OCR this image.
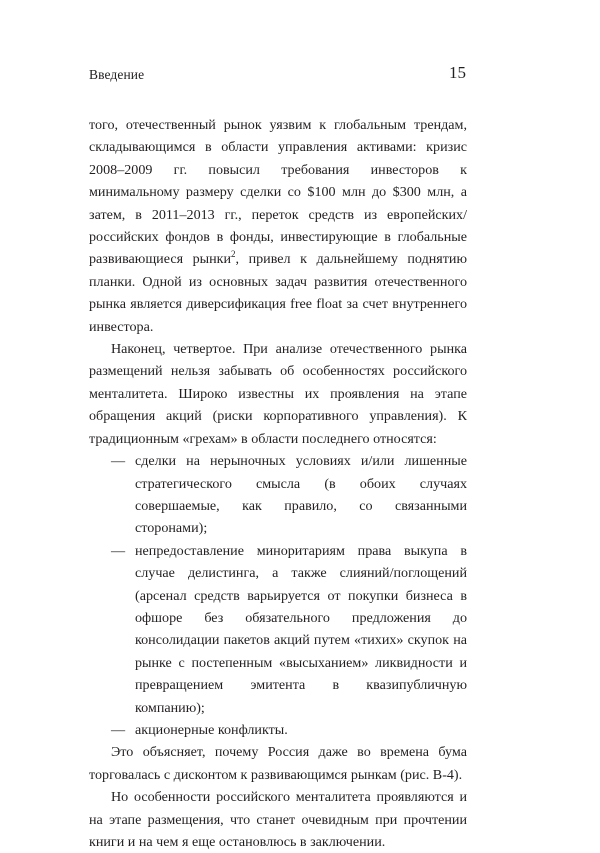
Введение	15

того, отечественный рынок уязвим к глобальным трендам, складывающимся в области управления активами: кризис 2008–2009 гг. повысил требования инвесторов к минимальному размеру сделки со $100 млн до $300 млн, а затем, в 2011–2013 гг., переток средств из европейских/российских фондов в фонды, инвестирующие в глобальные развивающиеся рынки$^2$, привел к дальнейшему поднятию планки. Одной из основных задач развития отечественного рынка является диверсификация free float за счет внутреннего инвестора.

Наконец, четвертое. При анализе отечественного рынка размещений нельзя забывать об особенностях российского менталитета. Широко известны их проявления на этапе обращения акций (риски корпоративного управления). К традиционным «грехам» в области последнего относятся:

— сделки на нерыночных условиях и/или лишенные стратегического смысла (в обоих случаях совершаемые, как правило, со связанными сторонами);
— непредоставление миноритариям права выкупа в случае делистинга, а также слияний/поглощений (арсенал средств варьируется от покупки бизнеса в офшоре без обязательного предложения до консолидации пакетов акций путем «тихих» скупок на рынке с постепенным «высыханием» ликвидности и превращением эмитента в квазипубличную компанию);
— акционерные конфликты.

Это объясняет, почему Россия даже во времена бума торговалась с дисконтом к развивающимся рынкам (рис. В-4).

Но особенности российского менталитета проявляются и на этапе размещения, что станет очевидным при прочтении книги и на чем я еще остановлюсь в заключении.
